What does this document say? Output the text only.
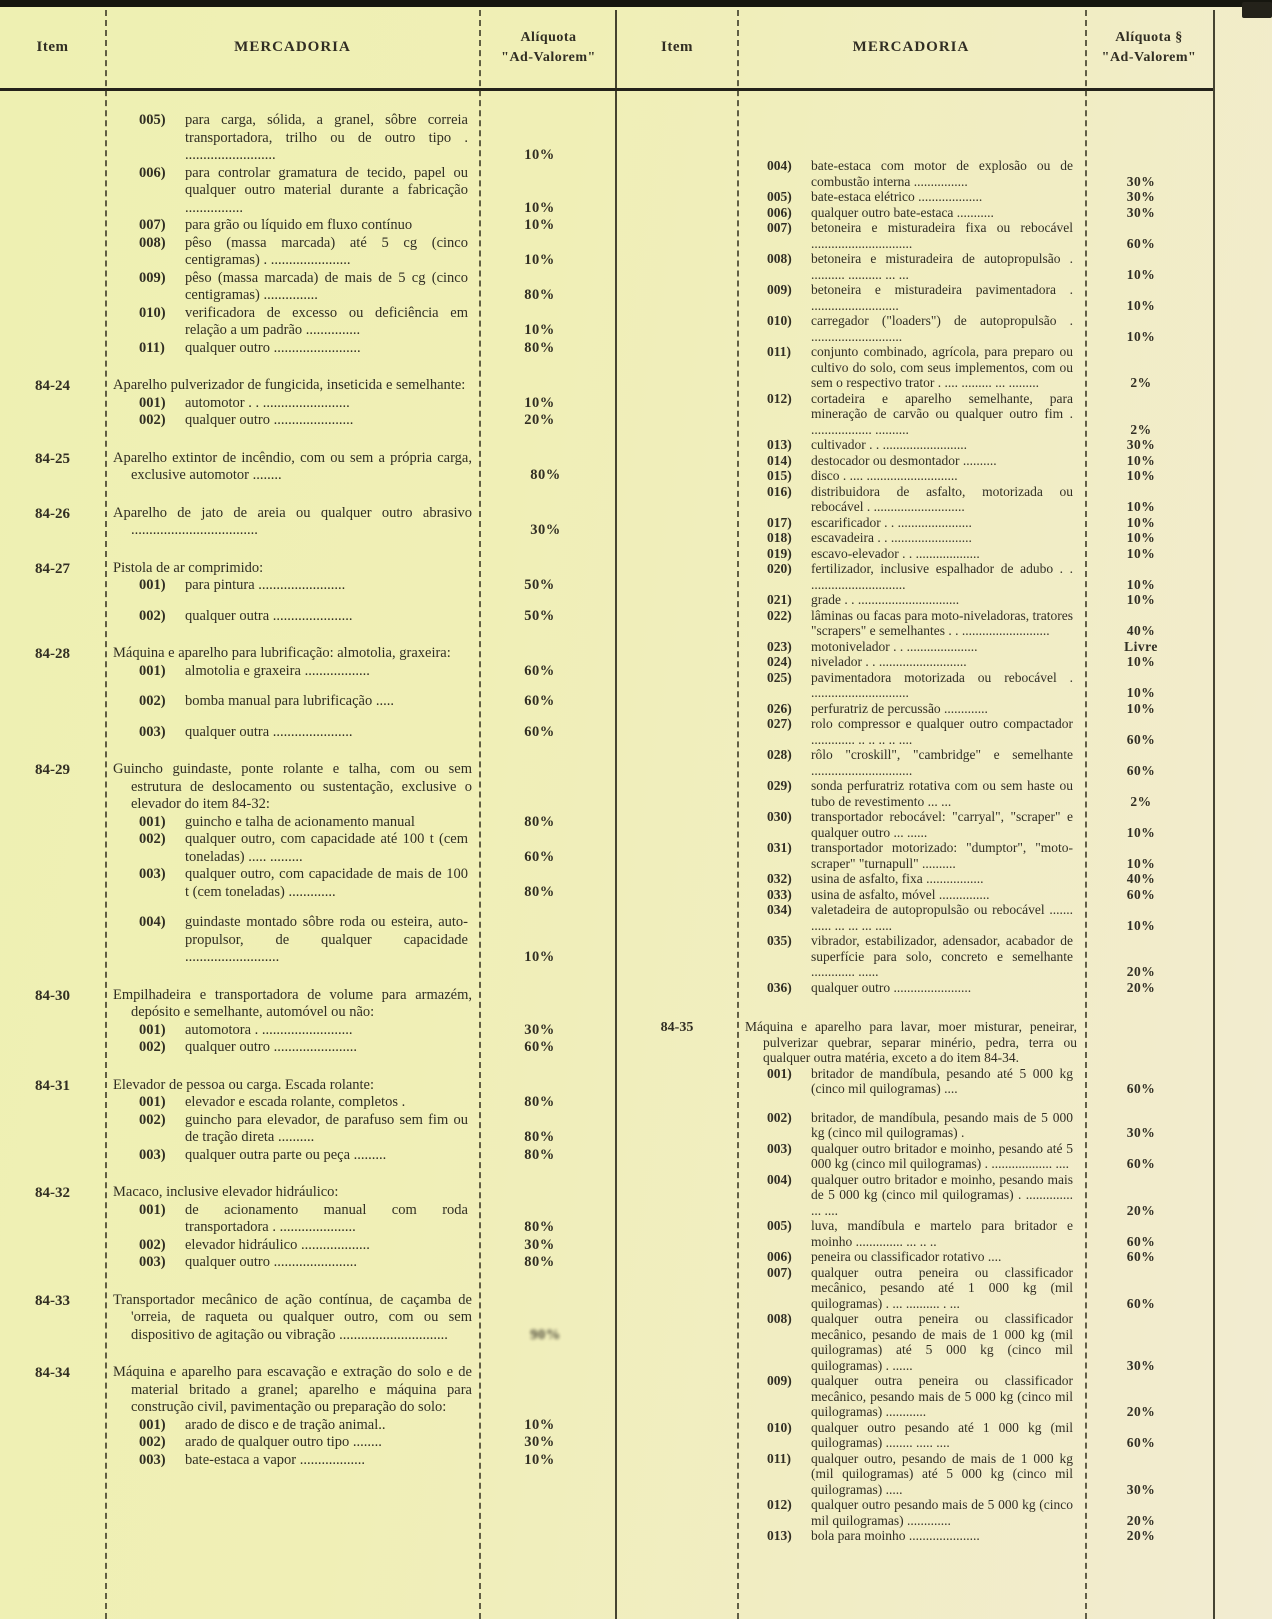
Item	MERCADORIA
Alíquota
"Ad-Valorem"
005)	para carga, sólida, a granel, sôbre correia transportadora, trilho ou de outro tipo . .........................	10%
006)	para controlar gramatura de tecido, papel ou qualquer outro material durante a fabricação ................	10%
007)	para grão ou líquido em fluxo contínuo	10%
008)	pêso (massa marcada) até 5 cg (cinco centigramas) . ......................	10%
009)	pêso (massa marcada) de mais de 5 cg (cinco centigramas) ...............	80%
010)	verificadora de excesso ou deficiência em relação a um padrão ...............	10%
011)	qualquer outro ........................	80%
84-24	Aparelho pulverizador de fungicida, inseticida e semelhante:
001)	automotor . . ........................	10%
002)	qualquer outro ......................	20%
84-25	Aparelho extintor de incêndio, com ou sem a própria carga, exclusive automotor ........	80%
84-26	Aparelho de jato de areia ou qualquer outro abrasivo ...................................	30%
84-27	Pistola de ar comprimido:
001)	para pintura ........................	50%
002)	qualquer outra ......................	50%
84-28	Máquina e aparelho para lubrificação: almotolia, graxeira:
001)	almotolia e graxeira ..................	60%
002)	bomba manual para lubrificação .....	60%
003)	qualquer outra ......................	60%
84-29	Guincho guindaste, ponte rolante e talha, com ou sem estrutura de deslocamento ou sustentação, exclusive o elevador do item 84-32:
001)	guincho e talha de acionamento manual	80%
002)	qualquer outro, com capacidade até 100 t (cem toneladas) ..... .........	60%
003)	qualquer outro, com capacidade de mais de 100 t (cem toneladas) .............	80%
004)	guindaste montado sôbre roda ou esteira, auto-propulsor, de qualquer capacidade ..........................	10%
84-30	Empilhadeira e transportadora de volume para armazém, depósito e semelhante, automóvel ou não:
001)	automotora . .........................	30%
002)	qualquer outro .......................	60%
84-31	Elevador de pessoa ou carga. Escada rolante:
001)	elevador e escada rolante, completos .	80%
002)	guincho para elevador, de parafuso sem fim ou de tração direta ..........	80%
003)	qualquer outra parte ou peça .........	80%
84-32	Macaco, inclusive elevador hidráulico:
001)	de acionamento manual com roda transportadora . .....................	80%
002)	elevador hidráulico ...................	30%
003)	qualquer outro .......................	80%
84-33	Transportador mecânico de ação contínua, de caçamba de 'orreia, de raqueta ou qualquer outro, com ou sem dispositivo de agitação ou vibração ..............................	90%
84-34	Máquina e aparelho para escavação e extração do solo e de material britado a granel; aparelho e máquina para construção civil, pavimentação ou preparação do solo:
001)	arado de disco e de tração animal..	10%
002)	arado de qualquer outro tipo ........	30%
003)	bate-estaca a vapor ..................	10%
Item	MERCADORIA
Alíquota §
"Ad-Valorem"
004)	bate-estaca com motor de explosão ou de combustão interna ................	30%
005)	bate-estaca elétrico ...................	30%
006)	qualquer outro bate-estaca ...........	30%
007)	betoneira e misturadeira fixa ou rebocável ..............................	60%
008)	betoneira e misturadeira de autopropulsão . .......... .......... ... ...	10%
009)	betoneira e misturadeira pavimentadora . ..........................	10%
010)	carregador ("loaders") de autopropulsão . ...........................	10%
011)	conjunto combinado, agrícola, para preparo ou cultivo do solo, com seus implementos, com ou sem o respectivo trator . .... ......... ... .........	2%
012)	cortadeira e aparelho semelhante, para mineração de carvão ou qualquer outro fim . .................. ..........	2%
013)	cultivador . . .........................	30%
014)	destocador ou desmontador ..........	10%
015)	disco . .... ...........................	10%
016)	distribuidora de asfalto, motorizada ou rebocável . ...........................	10%
017)	escarificador . . ......................	10%
018)	escavadeira . . ........................	10%
019)	escavo-elevador . . ...................	10%
020)	fertilizador, inclusive espalhador de adubo . . ............................	10%
021)	grade . . ..............................	10%
022)	lâminas ou facas para moto-niveladoras, tratores "scrapers" e semelhantes . . ..........................	40%
023)	motonivelador . . .....................	Livre
024)	nivelador . . ..........................	10%
025)	pavimentadora motorizada ou rebocável . .............................	10%
026)	perfuratriz de percussão .............	10%
027)	rolo compressor e qualquer outro compactador ............. .. .. .. .. ....	60%
028)	rôlo "croskill", "cambridge" e semelhante ..............................	60%
029)	sonda perfuratriz rotativa com ou sem haste ou tubo de revestimento ... ...	2%
030)	transportador rebocável: "carryal", "scraper" e qualquer outro ... ......	10%
031)	transportador motorizado: "dumptor", "moto-scraper" "turnapull" ..........	10%
032)	usina de asfalto, fixa .................	40%
033)	usina de asfalto, móvel ...............	60%
034)	valetadeira de autopropulsão ou rebocável ....... ...... ... ... ... .....	10%
035)	vibrador, estabilizador, adensador, acabador de superfície para solo, concreto e semelhante ............. ......	20%
036)	qualquer outro .......................	20%
84-35	Máquina e aparelho para lavar, moer misturar, peneirar, pulverizar quebrar, separar minério, pedra, terra ou qualquer outra matéria, exceto a do item 84-34.
001)	britador de mandíbula, pesando até 5 000 kg (cinco mil quilogramas) ....	60%
002)	britador, de mandíbula, pesando mais de 5 000 kg (cinco mil quilogramas) .	30%
003)	qualquer outro britador e moinho, pesando até 5 000 kg (cinco mil quilogramas) . .................. ....	60%
004)	qualquer outro britador e moinho, pesando mais de 5 000 kg (cinco mil quilogramas) . .............. ... ....	20%
005)	luva, mandíbula e martelo para britador e moinho .............. ... .. ..	60%
006)	peneira ou classificador rotativo ....	60%
007)	qualquer outra peneira ou classificador mecânico, pesando até 1 000 kg (mil quilogramas) . ... .......... . ...	60%
008)	qualquer outra peneira ou classificador mecânico, pesando de mais de 1 000 kg (mil quilogramas) até 5 000 kg (cinco mil quilogramas) . ......	30%
009)	qualquer outra peneira ou classificador mecânico, pesando mais de 5 000 kg (cinco mil quilogramas) ............	20%
010)	qualquer outro pesando até 1 000 kg (mil quilogramas) ........ ..... ....	60%
011)	qualquer outro, pesando de mais de 1 000 kg (mil quilogramas) até 5 000 kg (cinco mil quilogramas) .....	30%
012)	qualquer outro pesando mais de 5 000 kg (cinco mil quilogramas) .............	20%
013)	bola para moinho .....................	20%
